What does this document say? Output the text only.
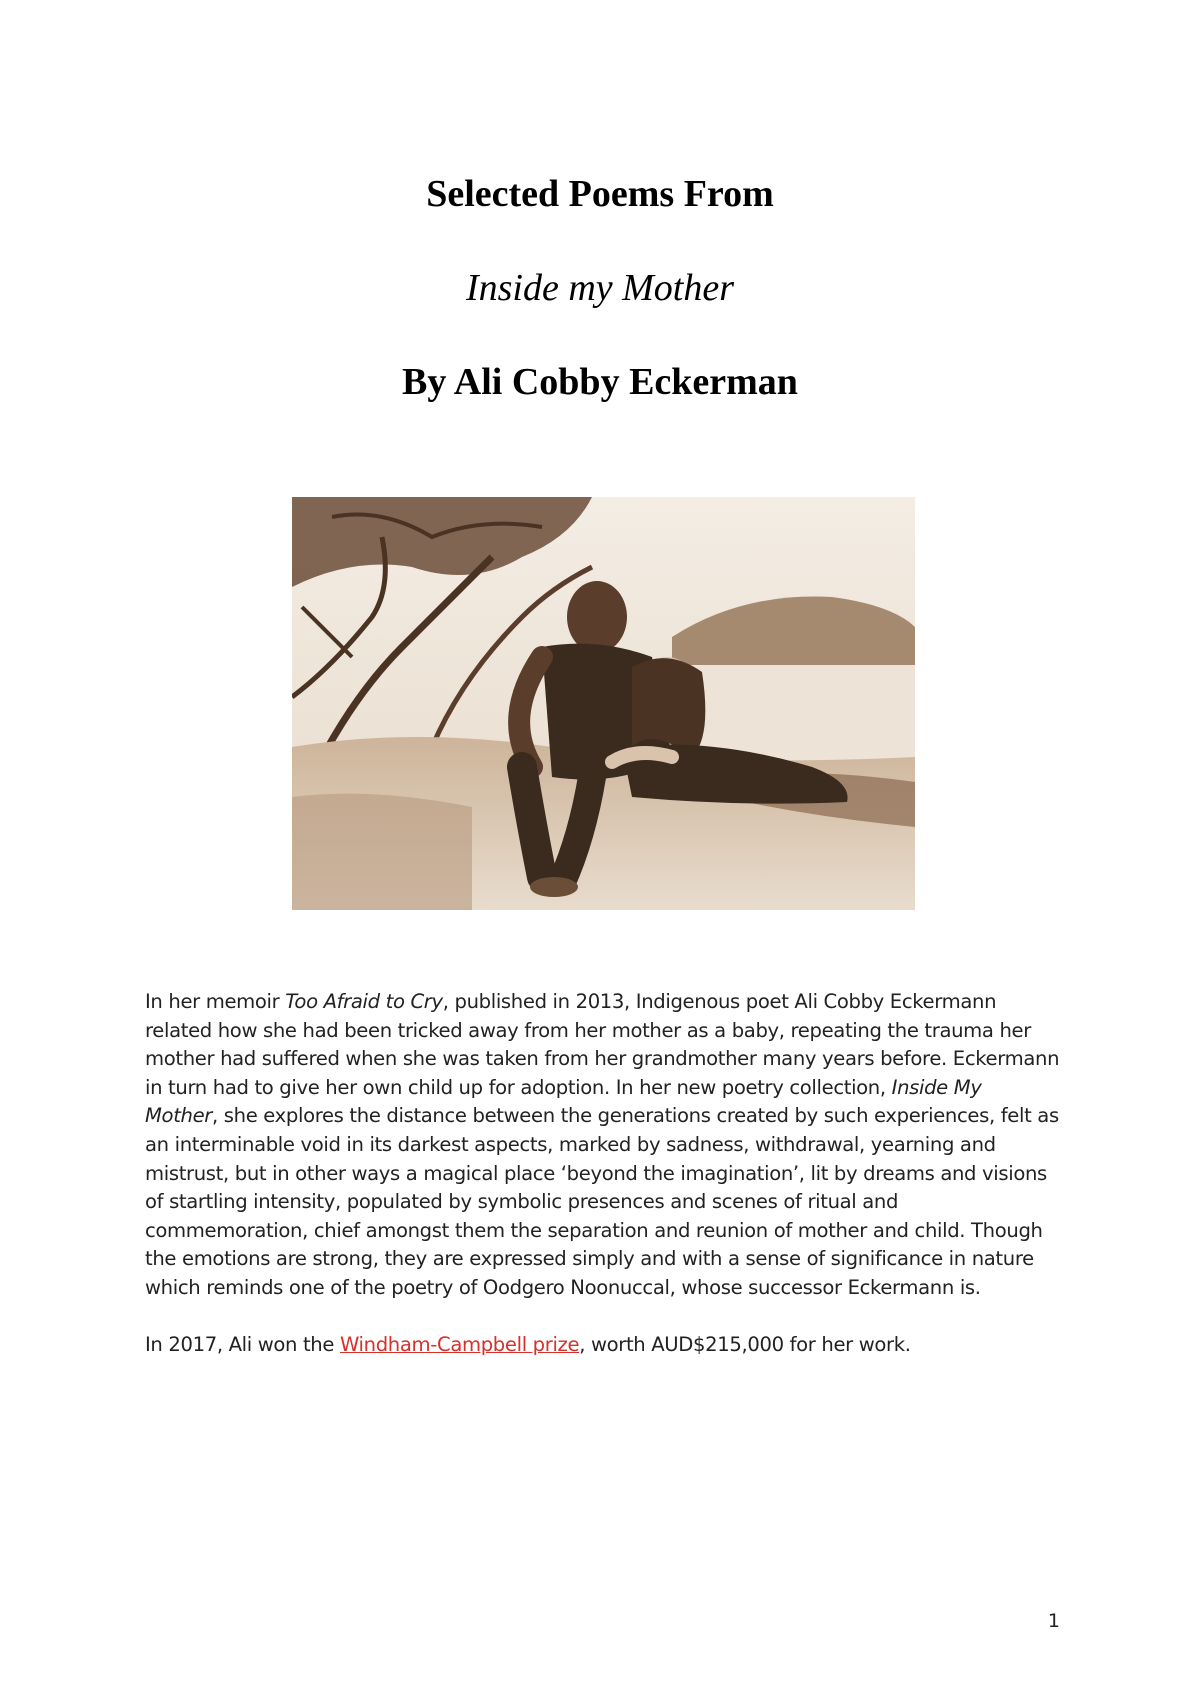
Selected Poems From
Inside my Mother
By Ali Cobby Eckerman
In her memoir Too Afraid to Cry, published in 2013, Indigenous poet Ali Cobby Eckermann
related how she had been tricked away from her mother as a baby, repeating the trauma her
mother had suffered when she was taken from her grandmother many years before. Eckermann
in turn had to give her own child up for adoption. In her new poetry collection, Inside My
Mother, she explores the distance between the generations created by such experiences, felt as
an interminable void in its darkest aspects, marked by sadness, withdrawal, yearning and
mistrust, but in other ways a magical place ‘beyond the imagination’, lit by dreams and visions
of startling intensity, populated by symbolic presences and scenes of ritual and
commemoration, chief amongst them the separation and reunion of mother and child. Though
the emotions are strong, they are expressed simply and with a sense of significance in nature
which reminds one of the poetry of Oodgero Noonuccal, whose successor Eckermann is.
In 2017, Ali won the Windham-Campbell prize, worth AUD$215,000 for her work.
1
